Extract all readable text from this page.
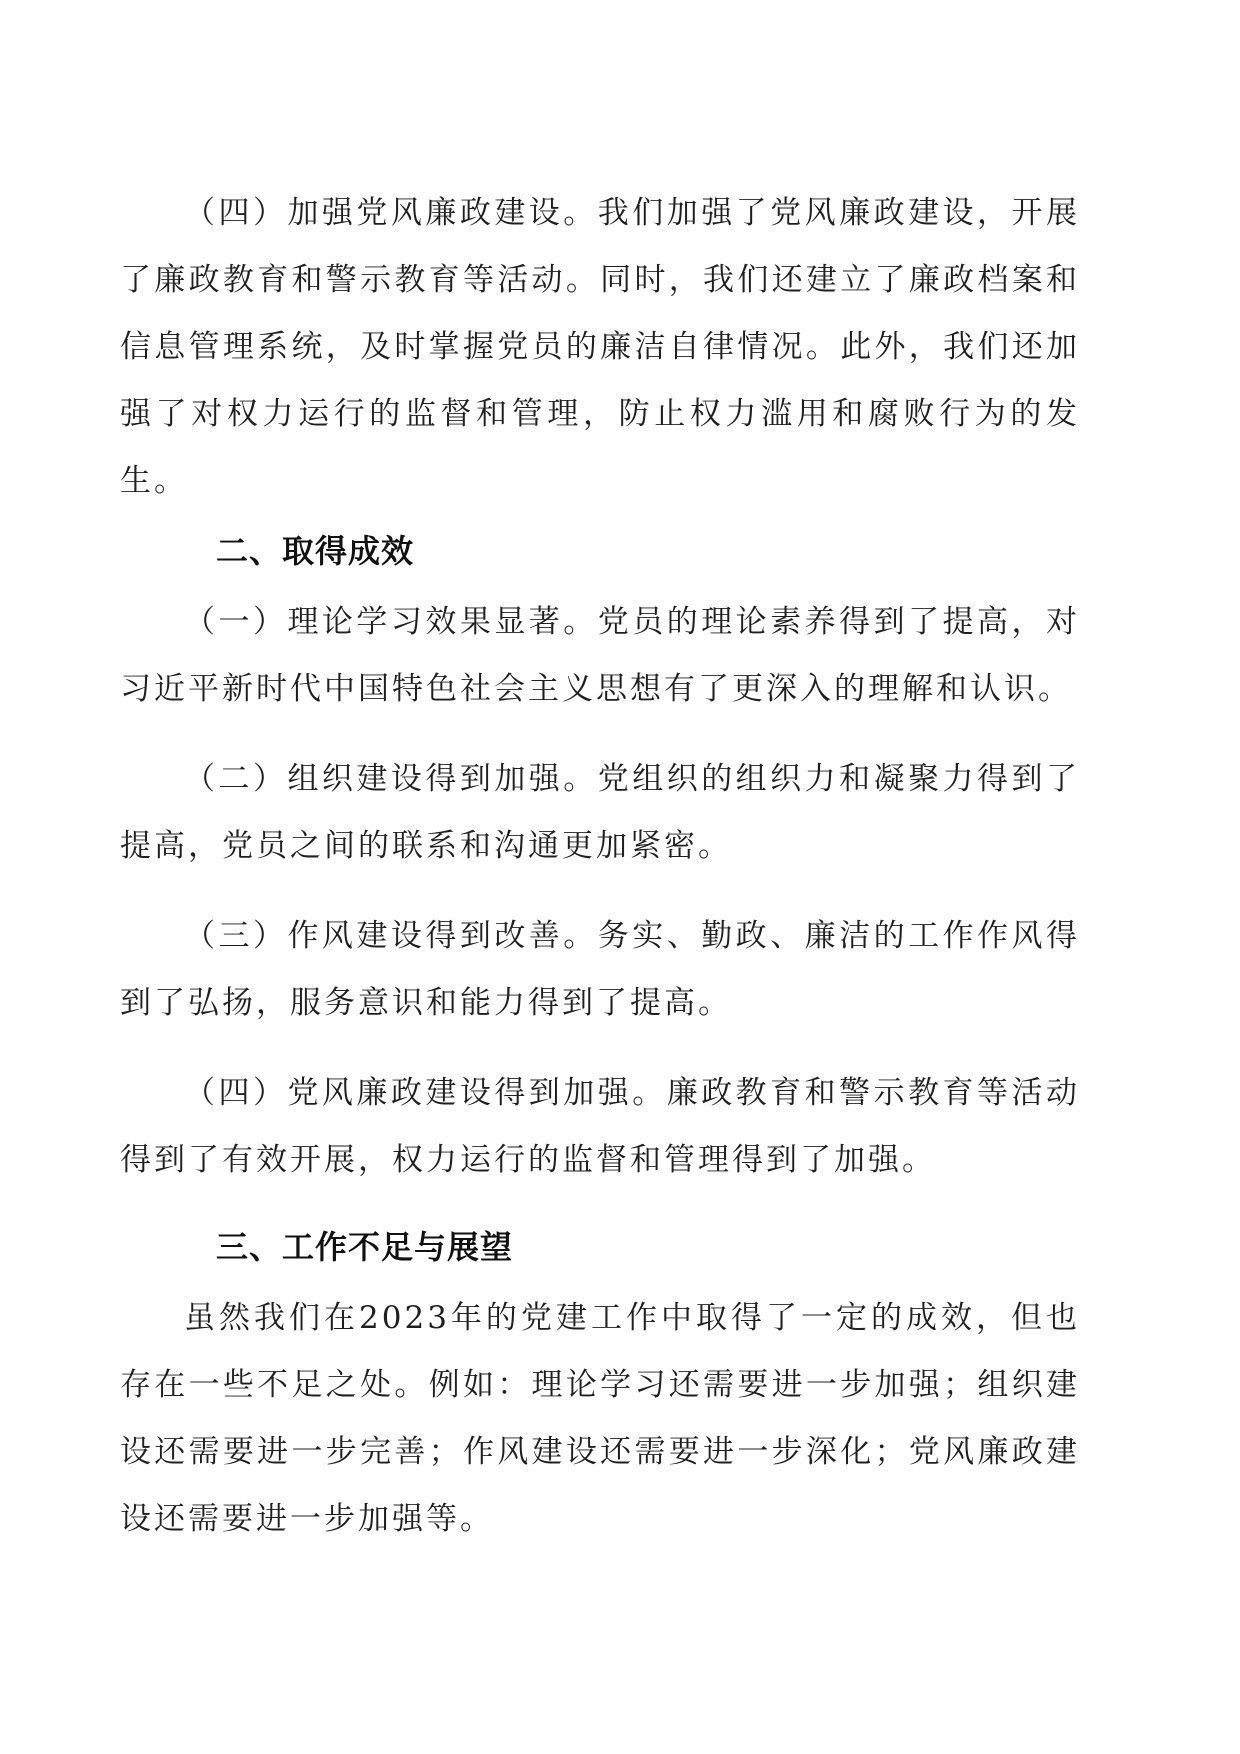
（四）加强党风廉政建设。我们加强了党风廉政建设，开展了廉政教育和警示教育等活动。同时，我们还建立了廉政档案和信息管理系统，及时掌握党员的廉洁自律情况。此外，我们还加强了对权力运行的监督和管理，防止权力滥用和腐败行为的发生。

二、取得成效

（一）理论学习效果显著。党员的理论素养得到了提高，对习近平新时代中国特色社会主义思想有了更深入的理解和认识。

（二）组织建设得到加强。党组织的组织力和凝聚力得到了提高，党员之间的联系和沟通更加紧密。

（三）作风建设得到改善。务实、勤政、廉洁的工作作风得到了弘扬，服务意识和能力得到了提高。

（四）党风廉政建设得到加强。廉政教育和警示教育等活动得到了有效开展，权力运行的监督和管理得到了加强。

三、工作不足与展望

虽然我们在2023年的党建工作中取得了一定的成效，但也存在一些不足之处。例如：理论学习还需要进一步加强；组织建设还需要进一步完善；作风建设还需要进一步深化；党风廉政建设还需要进一步加强等。
